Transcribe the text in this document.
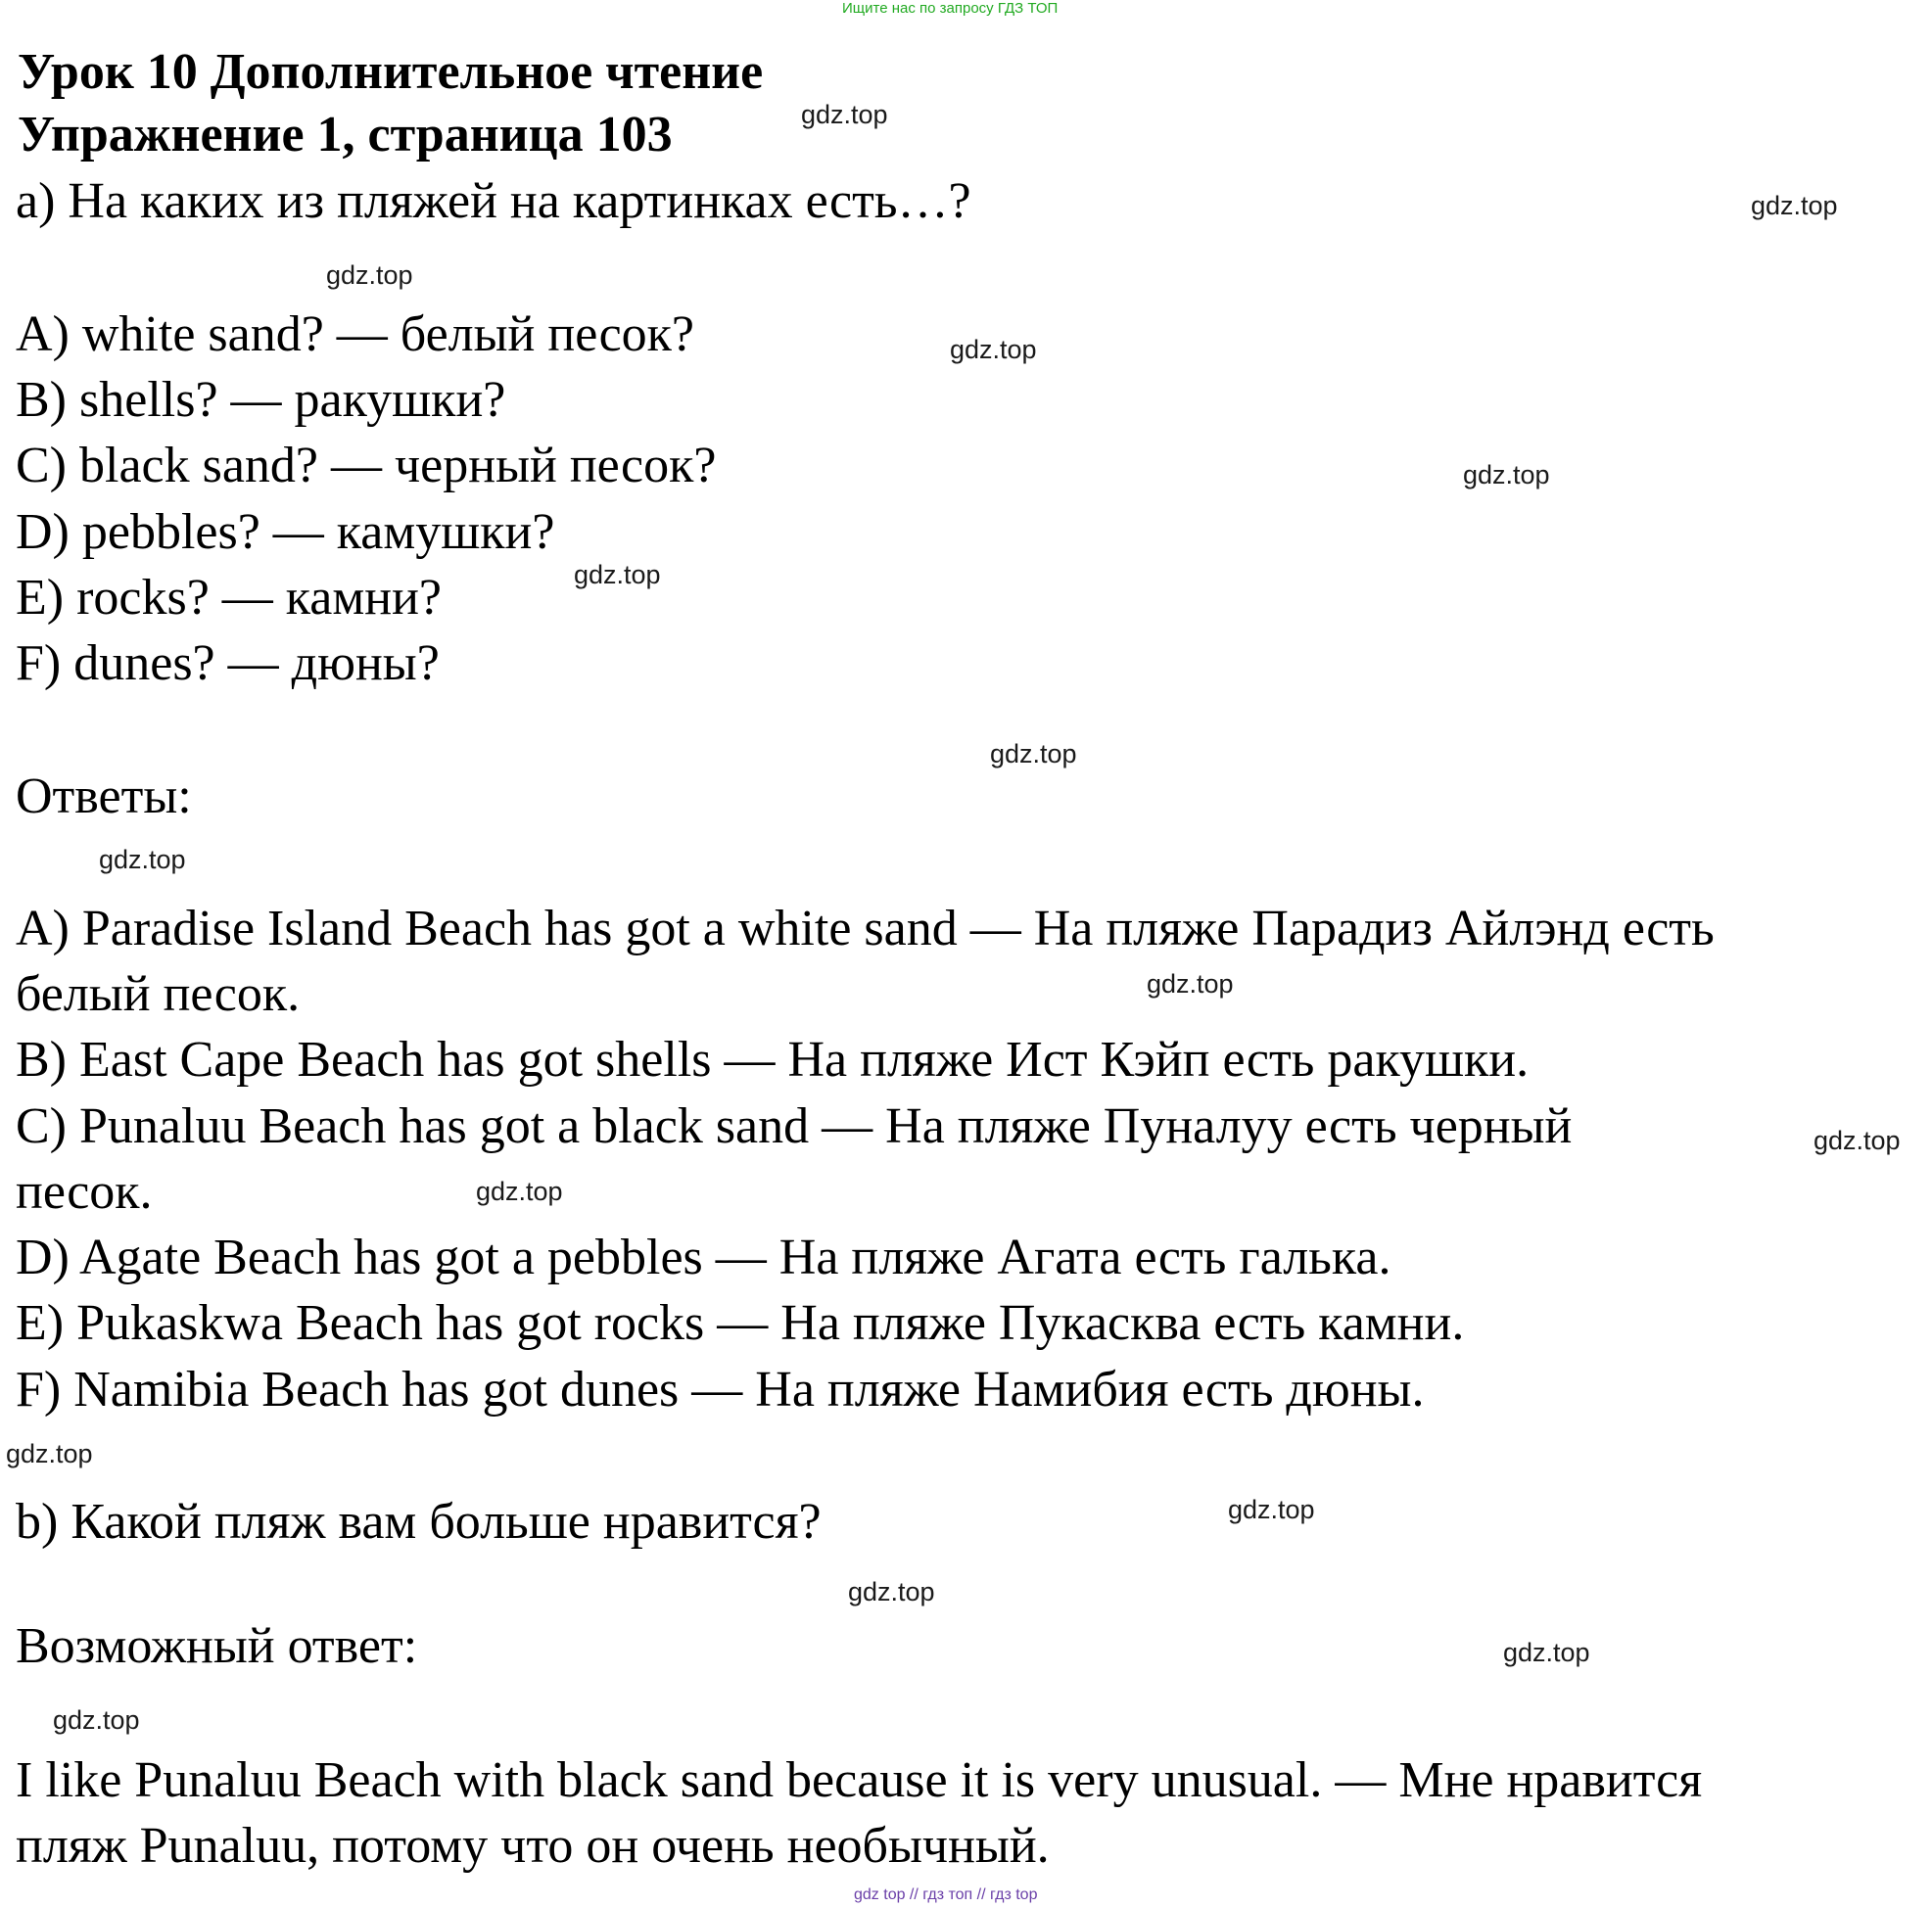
Ищите нас по запросу ГДЗ ТОП
Урок 10 Дополнительное чтение
Упражнение 1, страница 103
a) На каких из пляжей на картинках есть…?
A) white sand? — белый песок?
B) shells? — ракушки?
C) black sand? — черный песок?
D) pebbles? — камушки?
E) rocks? — камни?
F) dunes? — дюны?
Ответы:
A) Paradise Island Beach has got a white sand — На пляже Парадиз Айлэнд есть
белый песок.
B) East Cape Beach has got shells — На пляже Ист Кэйп есть ракушки.
C) Punaluu Beach has got a black sand — На пляже Пуналуу есть черный
песок.
D) Agate Beach has got a pebbles — На пляже Агата есть галька.
E) Pukaskwa Beach has got rocks — На пляже Пукасква есть камни.
F) Namibia Beach has got dunes — На пляже Намибия есть дюны.
b) Какой пляж вам больше нравится?
Возможный ответ:
I like Punaluu Beach with black sand because it is very unusual. — Мне нравится
пляж Punaluu, потому что он очень необычный.
gdz.top
gdz.top
gdz.top
gdz.top
gdz.top
gdz.top
gdz.top
gdz.top
gdz.top
gdz.top
gdz.top
gdz.top
gdz.top
gdz.top
gdz.top
gdz.top
gdz top // гдз топ // гдз top
